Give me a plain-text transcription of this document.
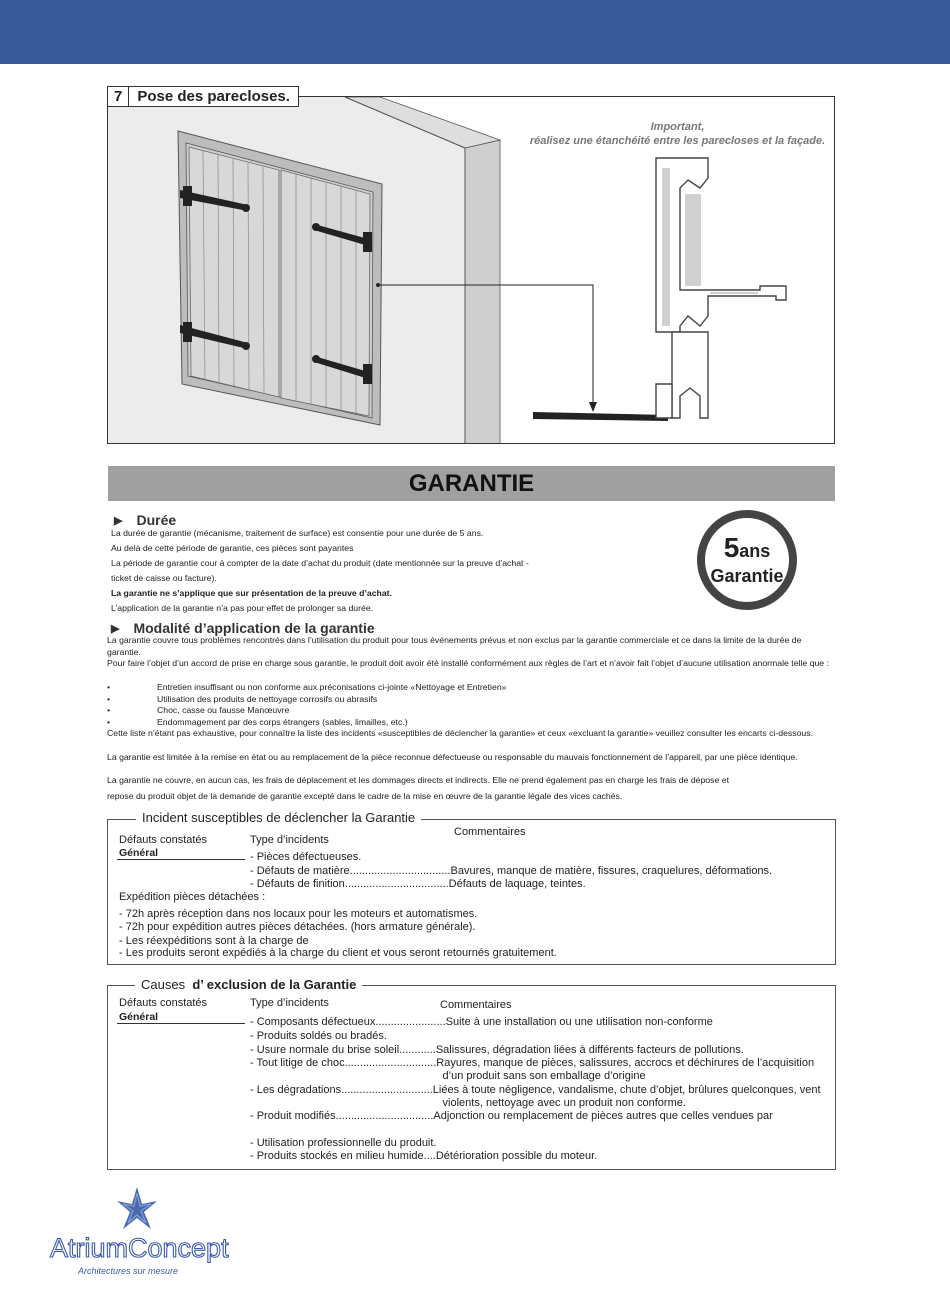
7	Pose des parecloses.
Important,
réalisez une étanchéité entre les parecloses et la façade.
GARANTIE
▶ Durée
La durée de garantie (mécanisme, traitement de surface) est consentie pour une durée de 5 ans.
Au delà de cette période de garantie, ces pièces sont payantes
La période de garantie cour à compter de la date d’achat du produit (date mentionnée sur la preuve d’achat -
ticket de caisse ou facture).
La garantie ne s’applique que sur présentation de la preuve d’achat.
L’application de la garantie n’a pas pour effet de prolonger sa durée.
5ans
Garantie
▶ Modalité d’application de la garantie
La garantie couvre tous problèmes rencontrés dans l’utilisation du produit pour tous événements prévus et non exclus par la garantie commerciale et ce dans la limite de la durée de garantie.
Pour faire l’objet d’un accord de prise en charge sous garantie, le produit doit avoir été installé conformément aux règles de l’art et n’avoir fait l’objet d’aucune utilisation anormale telle que :
•	Entretien insuffisant ou non conforme aux préconisations ci-jointe «Nettoyage et Entretien»
•	Utilisation des produits de nettoyage corrosifs ou abrasifs
•	Choc, casse ou fausse Manœuvre
•	Endommagement par des corps étrangers (sables, limailles, etc.)
Cette liste n’étant pas exhaustive, pour connaître la liste des incidents «susceptibles de déclencher la garantie» et ceux «excluant la garantie» veuillez consulter les encarts ci-dessous.
La garantie est limitée à la remise en état ou au remplacement de la pièce reconnue défectueuse ou responsable du mauvais fonctionnement de l’appareil, par une pièce identique.
La garantie ne couvre, en aucun cas, les frais de déplacement et les dommages directs et indirects. Elle ne prend également pas en charge les frais de dépose et
repose du produit objet de la demande de garantie excepté dans le cadre de la mise en œuvre de la garantie légale des vices cachés.
Incident susceptibles de déclencher la Garantie
Défauts constatés	Type d’incidents
Commentaires
Général	- Pièces défectueuses.
- Défauts de matière.................................Bavures, manque de matière, fissures, craquelures, déformations.
- Défauts de finition..................................Défauts de laquage, teintes.
Expédition pièces détachées :
- 72h après réception dans nos locaux pour les moteurs et automatismes.
- 72h pour expédition autres pièces détachées. (hors armature générale).
- Les réexpéditions sont à la charge de
- Les produits seront expédiés à la charge du client et vous seront retournés gratuitement.
Causes d’ exclusion de la Garantie
Défauts constatés	Type d’incidents	Commentaires
Général	- Composants défectueux.......................Suite à une installation ou une utilisation non-conforme
- Produits soldés ou bradés.
- Usure normale du brise soleil............Salissures, dégradation liées à différents facteurs de pollutions.
- Tout litige de choc..............................Rayures, manque de pièces, salissures, accrocs et déchirures de l’acquisition
d’un produit sans son emballage d’origine
- Les dégradations..............................Liées à toute négligence, vandalisme, chute d’objet, brûlures quelconques, vent
violents, nettoyage avec un produit non conforme.
- Produit modifiés................................Adjonction ou remplacement de pièces autres que celles vendues par
- Utilisation professionnelle du produit.
- Produits stockés en milieu humide....Détérioration possible du moteur.
AtriumConcept
Architectures sur mesure
